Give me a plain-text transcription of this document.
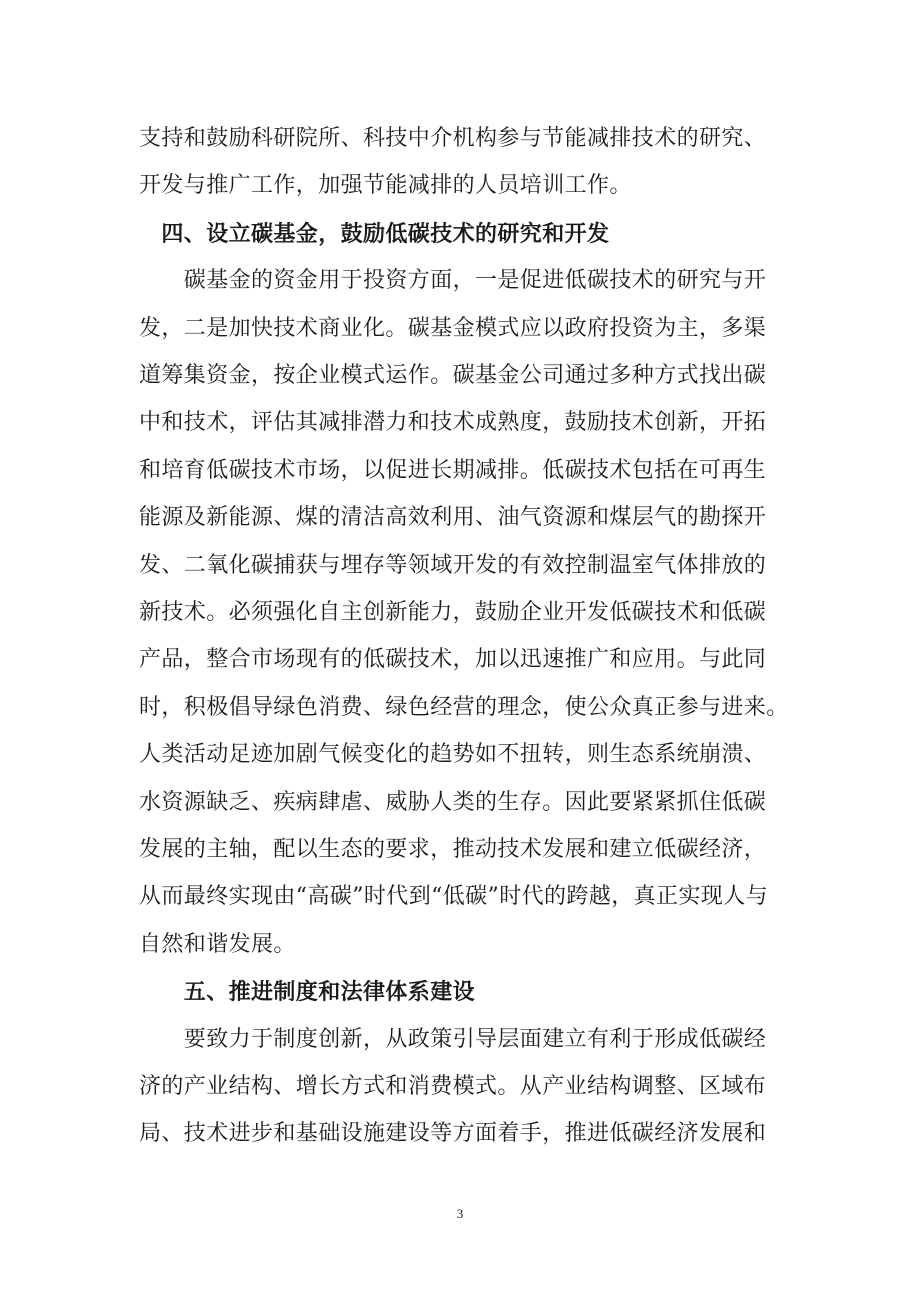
支持和鼓励科研院所、科技中介机构参与节能减排技术的研究、
开发与推广工作，加强节能减排的人员培训工作。
　四、设立碳基金，鼓励低碳技术的研究和开发
　　碳基金的资金用于投资方面，一是促进低碳技术的研究与开
发，二是加快技术商业化。碳基金模式应以政府投资为主，多渠
道筹集资金，按企业模式运作。碳基金公司通过多种方式找出碳
中和技术，评估其减排潜力和技术成熟度，鼓励技术创新，开拓
和培育低碳技术市场，以促进长期减排。低碳技术包括在可再生
能源及新能源、煤的清洁高效利用、油气资源和煤层气的勘探开
发、二氧化碳捕获与埋存等领域开发的有效控制温室气体排放的
新技术。必须强化自主创新能力，鼓励企业开发低碳技术和低碳
产品，整合市场现有的低碳技术，加以迅速推广和应用。与此同
时，积极倡导绿色消费、绿色经营的理念，使公众真正参与进来。
人类活动足迹加剧气候变化的趋势如不扭转，则生态系统崩溃、
水资源缺乏、疾病肆虐、威胁人类的生存。因此要紧紧抓住低碳
发展的主轴，配以生态的要求，推动技术发展和建立低碳经济，
从而最终实现由“高碳”时代到“低碳”时代的跨越，真正实现人与
自然和谐发展。
　　五、推进制度和法律体系建设
　　要致力于制度创新，从政策引导层面建立有利于形成低碳经
济的产业结构、增长方式和消费模式。从产业结构调整、区域布
局、技术进步和基础设施建设等方面着手，推进低碳经济发展和
3
